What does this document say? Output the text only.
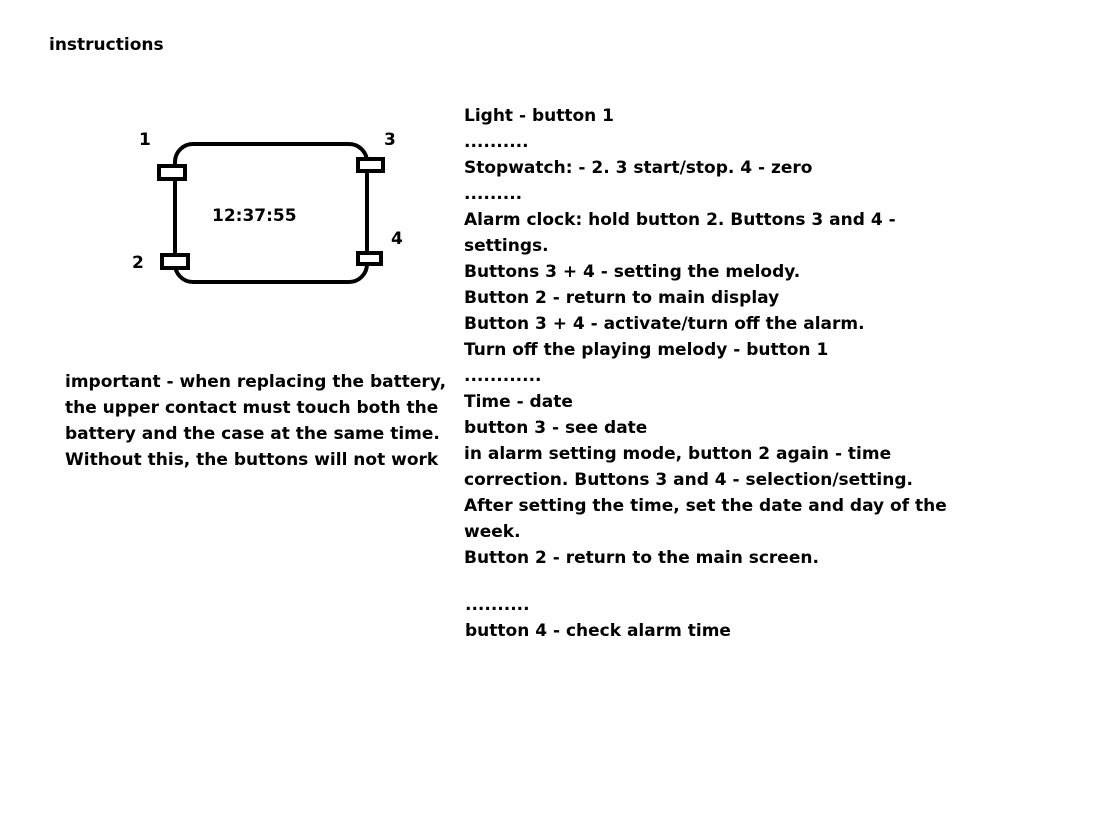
instructions
1
2
3
4
12:37:55
important - when replacing the battery,
the upper contact must touch both the
battery and the case at the same time.
Without this, the buttons will not work
Light - button 1
..........
Stopwatch: - 2. 3 start/stop. 4 - zero
.........
Alarm clock: hold button 2. Buttons 3 and 4 -
settings.
Buttons 3 + 4 - setting the melody.
Button 2 - return to main display
Button 3 + 4 - activate/turn off the alarm.
Turn off the playing melody - button 1
............
Time - date
button 3 - see date
in alarm setting mode, button 2 again - time
correction. Buttons 3 and 4 - selection/setting.
After setting the time, set the date and day of the
week.
Button 2 - return to the main screen.
..........
button 4 - check alarm time
